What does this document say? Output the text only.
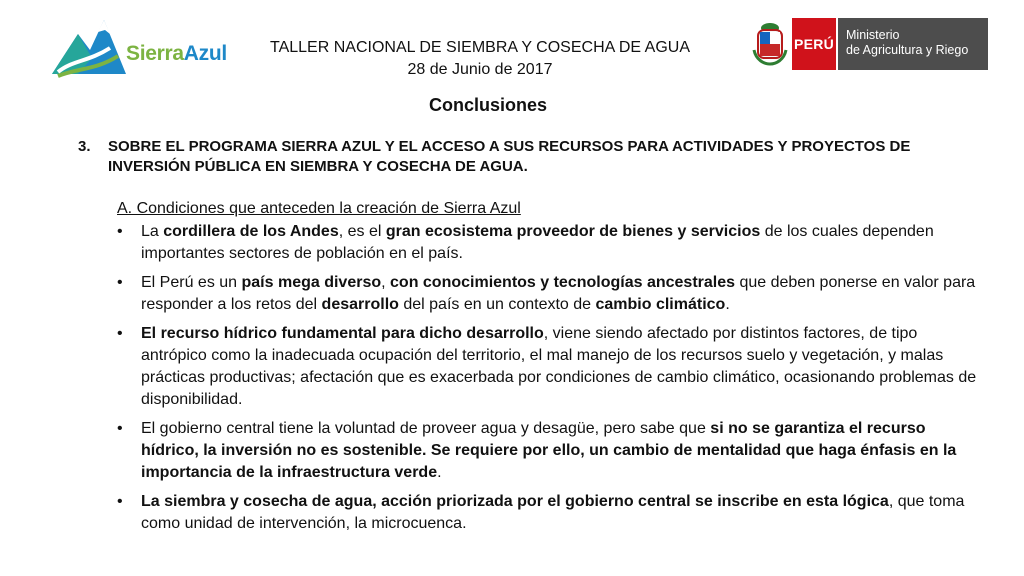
SierraAzul	TALLER NACIONAL DE SIEMBRA Y COSECHA DE AGUA
28 de Junio de 2017
PERÚ
Ministerio
de Agricultura y Riego
Conclusiones
3. SOBRE EL PROGRAMA SIERRA AZUL Y EL ACCESO A SUS RECURSOS PARA ACTIVIDADES Y PROYECTOS DE INVERSIÓN PÚBLICA EN SIEMBRA Y COSECHA DE AGUA.
A. Condiciones que anteceden la creación de Sierra Azul
• La cordillera de los Andes, es el gran ecosistema proveedor de bienes y servicios de los cuales dependen importantes sectores de población en el país.
• El Perú es un país mega diverso, con conocimientos y tecnologías ancestrales que deben ponerse en valor para responder a los retos del desarrollo del país en un contexto de cambio climático.
• El recurso hídrico fundamental para dicho desarrollo, viene siendo afectado por distintos factores, de tipo antrópico como la inadecuada ocupación del territorio, el mal manejo de los recursos suelo y vegetación, y malas prácticas productivas; afectación que es exacerbada por condiciones de cambio climático, ocasionando problemas de disponibilidad.
• El gobierno central tiene la voluntad de proveer agua y desagüe, pero sabe que si no se garantiza el recurso hídrico, la inversión no es sostenible. Se requiere por ello, un cambio de mentalidad que haga énfasis en la importancia de la infraestructura verde.
• La siembra y cosecha de agua, acción priorizada por el gobierno central se inscribe en esta lógica, que toma como unidad de intervención, la microcuenca.
